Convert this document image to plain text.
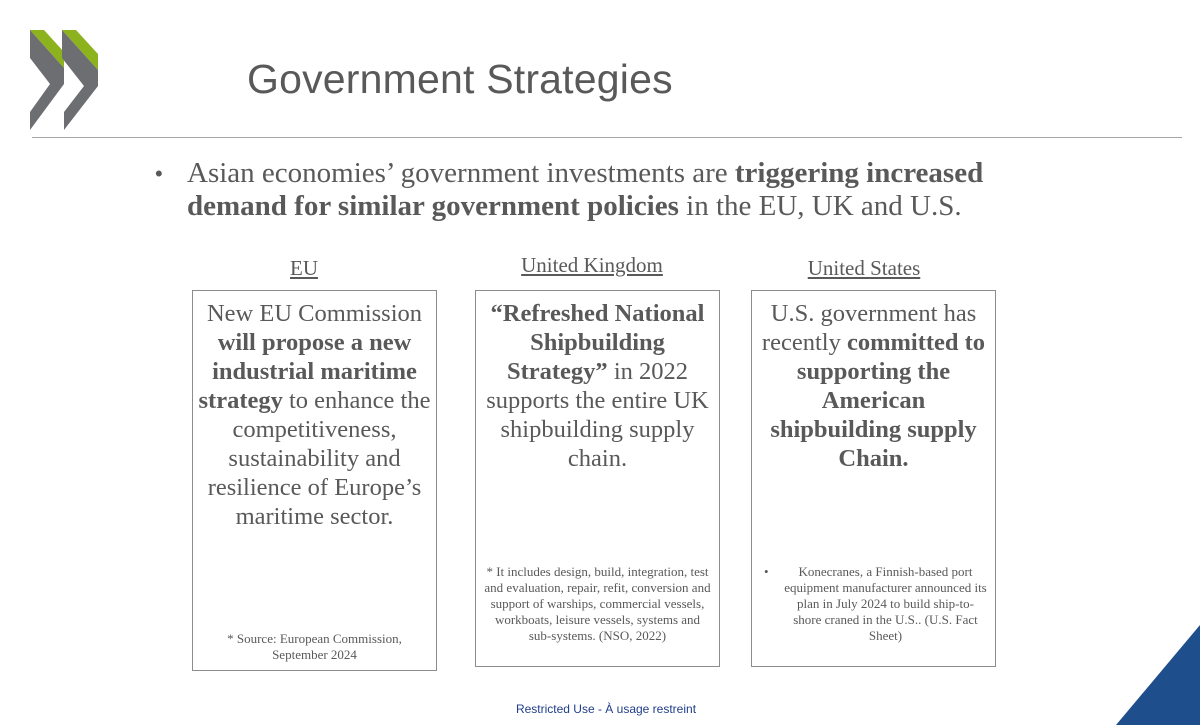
Government Strategies
• Asian economies’ government investments are triggering increased demand for similar government policies in the EU, UK and U.S.
EU	United Kingdom	United States
New EU Commission will propose a new industrial maritime strategy to enhance the competitiveness, sustainability and resilience of Europe’s maritime sector.
* Source: European Commission, September 2024
“Refreshed National Shipbuilding Strategy” in 2022 supports the entire UK shipbuilding supply chain.
* It includes design, build, integration, test and evaluation, repair, refit, conversion and support of warships, commercial vessels, workboats, leisure vessels, systems and sub-systems. (NSO, 2022)
U.S. government has recently committed to supporting the American shipbuilding supply Chain.
•	Konecranes, a Finnish-based port equipment manufacturer announced its plan in July 2024 to build ship-to-shore craned in the U.S.. (U.S. Fact Sheet)
Restricted Use - À usage restreint
